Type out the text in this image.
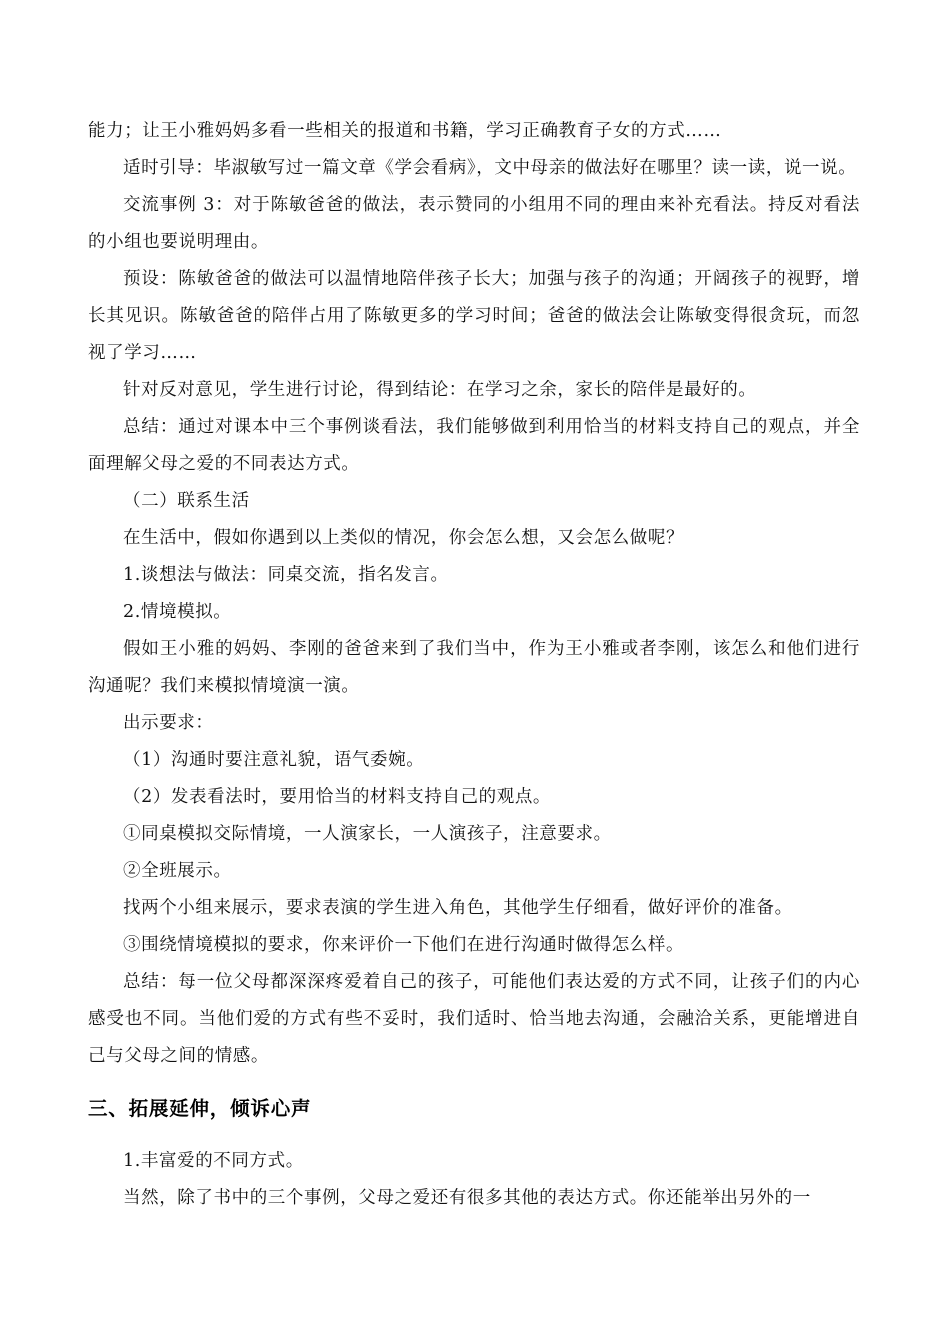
能力；让王小雅妈妈多看一些相关的报道和书籍，学习正确教育子女的方式……

适时引导：毕淑敏写过一篇文章《学会看病》，文中母亲的做法好在哪里？读一读，说一说。

交流事例 3：对于陈敏爸爸的做法，表示赞同的小组用不同的理由来补充看法。持反对看法的小组也要说明理由。

预设：陈敏爸爸的做法可以温情地陪伴孩子长大；加强与孩子的沟通；开阔孩子的视野，增长其见识。陈敏爸爸的陪伴占用了陈敏更多的学习时间；爸爸的做法会让陈敏变得很贪玩，而忽视了学习……

针对反对意见，学生进行讨论，得到结论：在学习之余，家长的陪伴是最好的。

总结：通过对课本中三个事例谈看法，我们能够做到利用恰当的材料支持自己的观点，并全面理解父母之爱的不同表达方式。

（二）联系生活

在生活中，假如你遇到以上类似的情况，你会怎么想，又会怎么做呢？

1.谈想法与做法：同桌交流，指名发言。

2.情境模拟。

假如王小雅的妈妈、李刚的爸爸来到了我们当中，作为王小雅或者李刚，该怎么和他们进行沟通呢？我们来模拟情境演一演。

出示要求：

（1）沟通时要注意礼貌，语气委婉。

（2）发表看法时，要用恰当的材料支持自己的观点。

①同桌模拟交际情境，一人演家长，一人演孩子，注意要求。

②全班展示。

找两个小组来展示，要求表演的学生进入角色，其他学生仔细看，做好评价的准备。

③围绕情境模拟的要求，你来评价一下他们在进行沟通时做得怎么样。

总结：每一位父母都深深疼爱着自己的孩子，可能他们表达爱的方式不同，让孩子们的内心感受也不同。当他们爱的方式有些不妥时，我们适时、恰当地去沟通，会融洽关系，更能增进自己与父母之间的情感。

三、拓展延伸，倾诉心声

1.丰富爱的不同方式。

当然，除了书中的三个事例，父母之爱还有很多其他的表达方式。你还能举出另外的一
